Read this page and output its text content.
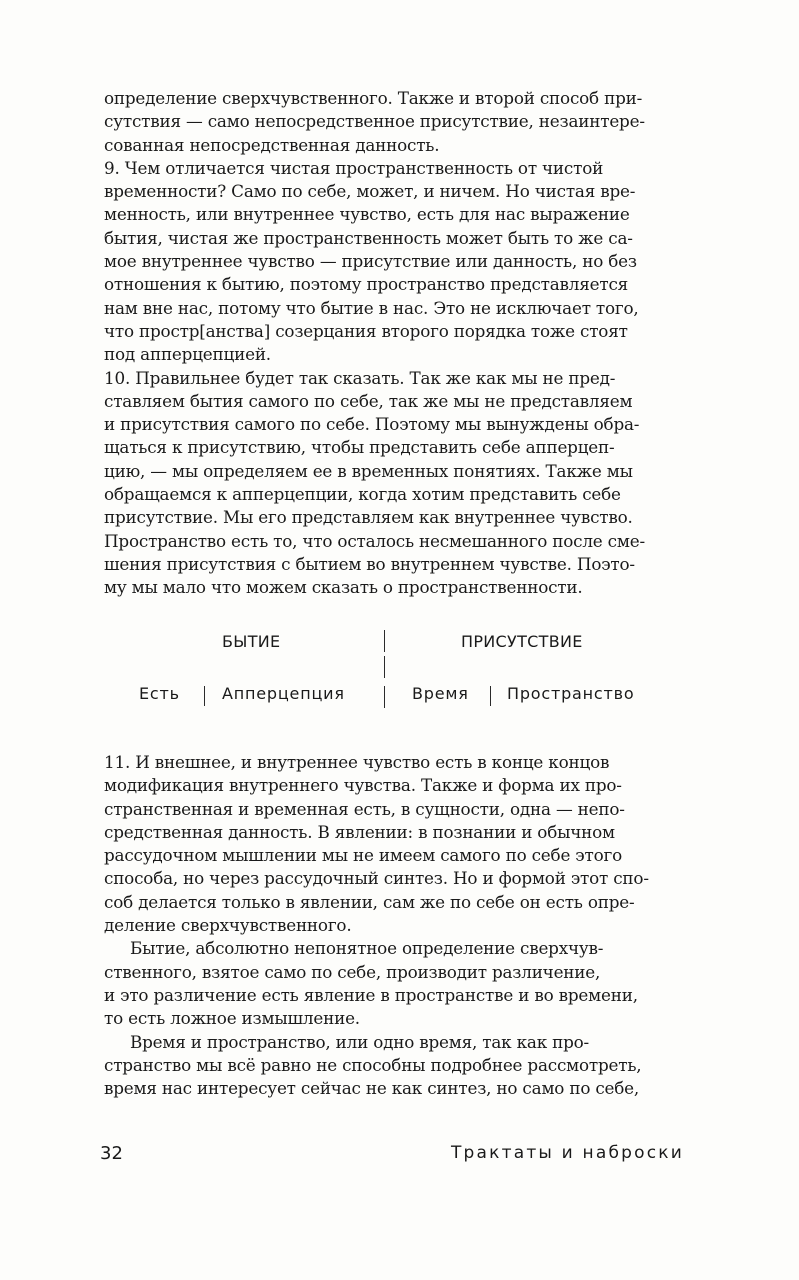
определение сверхчувственного. Также и второй способ при-
сутствия — само непосредственное присутствие, незаинтере-
сованная непосредственная данность.
9. Чем отличается чистая пространственность от чистой
временности? Само по себе, может, и ничем. Но чистая вре-
менность, или внутреннее чувство, есть для нас выражение
бытия, чистая же пространственность может быть то же са-
мое внутреннее чувство — присутствие или данность, но без
отношения к бытию, поэтому пространство представляется
нам вне нас, потому что бытие в нас. Это не исключает того,
что простр[анства] созерцания второго порядка тоже стоят
под апперцепцией.
10. Правильнее будет так сказать. Так же как мы не пред-
ставляем бытия самого по себе, так же мы не представляем
и присутствия самого по себе. Поэтому мы вынуждены обра-
щаться к присутствию, чтобы представить себе апперцеп-
цию, — мы определяем ее в временных понятиях. Также мы
обращаемся к апперцепции, когда хотим представить себе
присутствие. Мы его представляем как внутреннее чувство.
Пространство есть то, что осталось несмешанного после сме-
шения присутствия с бытием во внутреннем чувстве. Поэто-
му мы мало что можем сказать о пространственности.
БЫТИЕ	ПРИСУТСТВИЕ
Есть	Апперцепция	Время Пространство
11. И внешнее, и внутреннее чувство есть в конце концов
модификация внутреннего чувства. Также и форма их про-
странственная и временная есть, в сущности, одна — непо-
средственная данность. В явлении: в познании и обычном
рассудочном мышлении мы не имеем самого по себе этого
способа, но через рассудочный синтез. Но и формой этот спо-
соб делается только в явлении, сам же по себе он есть опре-
деление сверхчувственного.
Бытие, абсолютно непонятное определение сверхчув-
ственного, взятое само по себе, производит различение,
и это различение есть явление в пространстве и во времени,
то есть ложное измышление.
Время и пространство, или одно время, так как про-
странство мы всё равно не способны подробнее рассмотреть,
время нас интересует сейчас не как синтез, но само по себе,
32	Трактаты и наброски
